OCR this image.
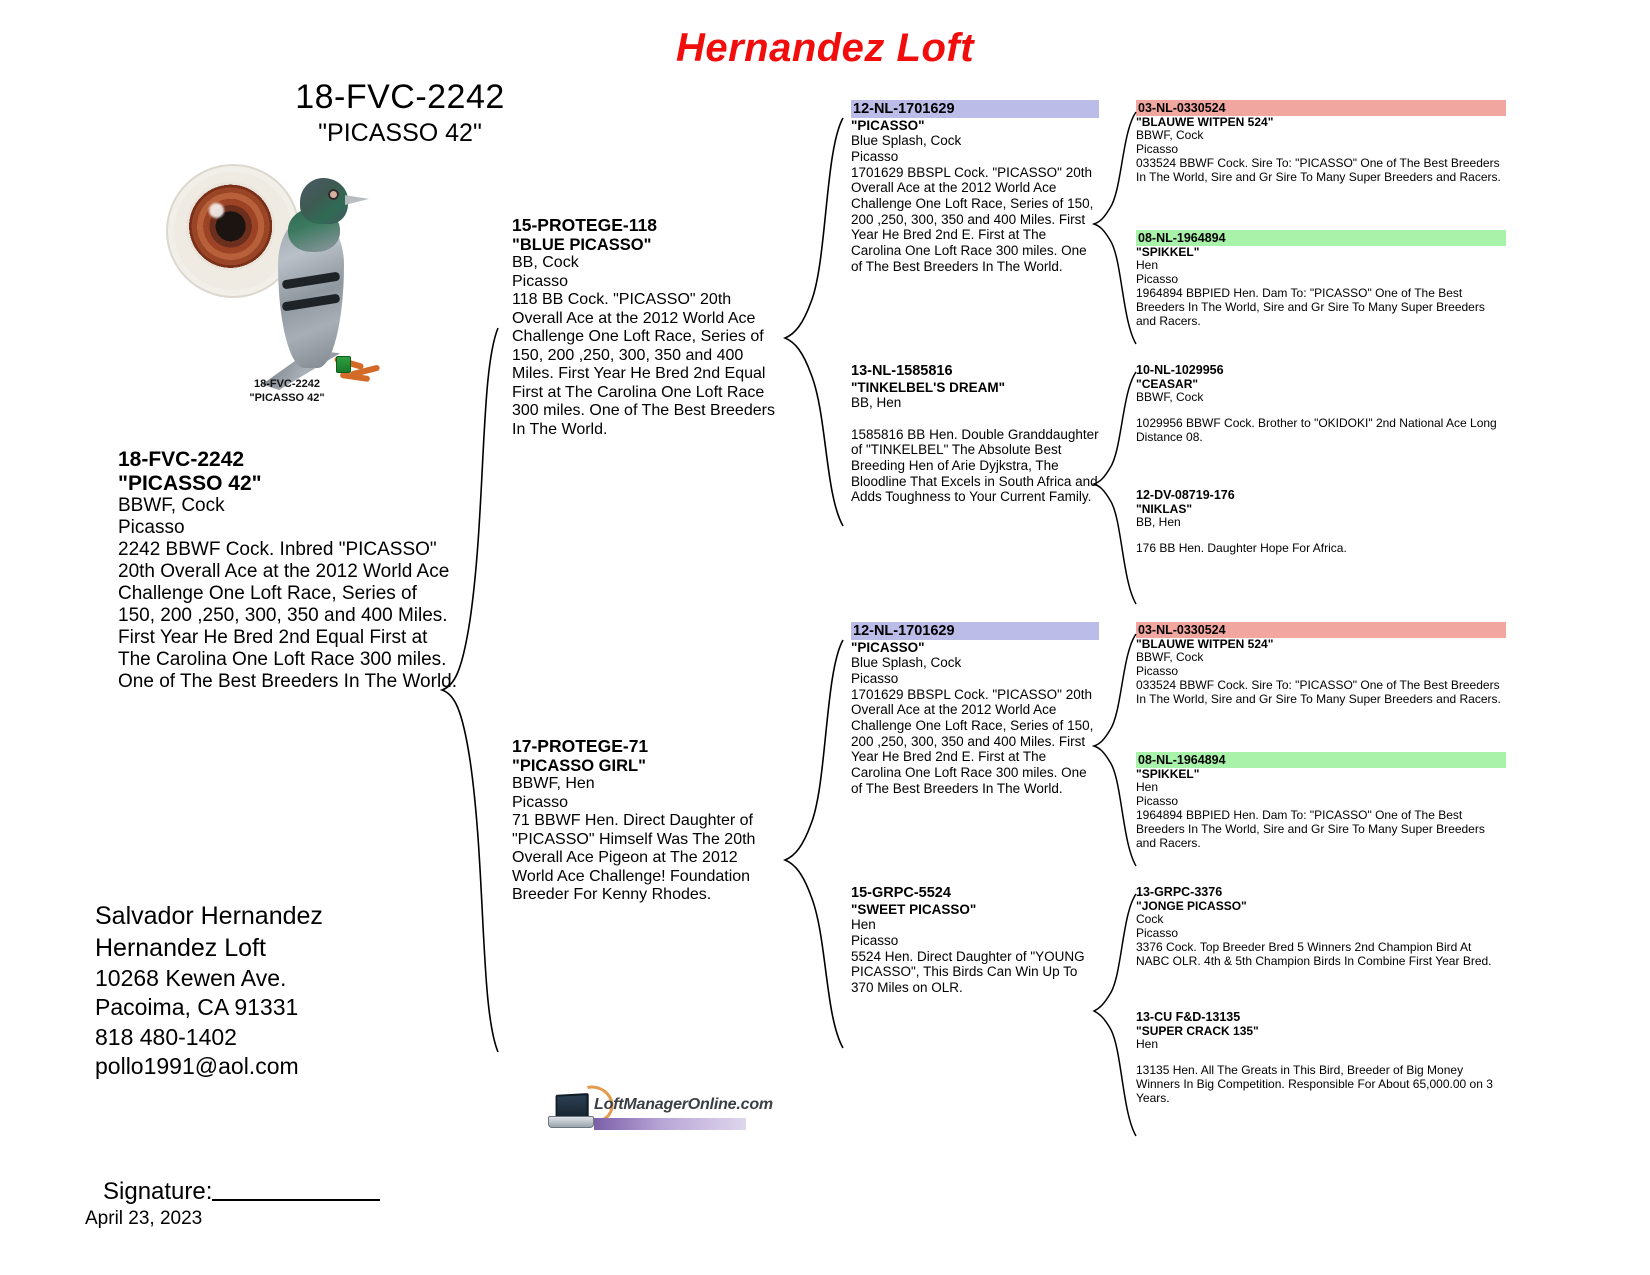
Hernandez Loft
18-FVC-2242
"PICASSO 42"
18-FVC-2242
"PICASSO 42"
18-FVC-2242
"PICASSO 42"
BBWF, Cock
Picasso
2242 BBWF Cock. Inbred "PICASSO" 20th Overall Ace at the 2012 World Ace Challenge One Loft Race, Series of 150, 200 ,250, 300, 350 and 400 Miles. First Year He Bred 2nd Equal First at The Carolina One Loft Race 300 miles. One of The Best Breeders In The World.
15-PROTEGE-118
"BLUE PICASSO"
BB, Cock
Picasso
118 BB Cock. "PICASSO" 20th Overall Ace at the 2012 World Ace Challenge One Loft Race, Series of 150, 200 ,250, 300, 350 and 400 Miles. First Year He Bred 2nd Equal First at The Carolina One Loft Race 300 miles. One of The Best Breeders In The World.
17-PROTEGE-71
"PICASSO GIRL"
BBWF, Hen
Picasso
71 BBWF Hen. Direct Daughter of "PICASSO" Himself Was The 20th Overall Ace Pigeon at The 2012 World Ace Challenge! Foundation Breeder For Kenny Rhodes.
12-NL-1701629
"PICASSO"
Blue Splash, Cock
Picasso
1701629 BBSPL Cock. "PICASSO" 20th Overall Ace at the 2012 World Ace Challenge One Loft Race, Series of 150, 200 ,250, 300, 350 and 400 Miles. First Year He Bred 2nd E. First at The Carolina One Loft Race 300 miles. One of The Best Breeders In The World.
13-NL-1585816
"TINKELBEL'S DREAM"
BB, Hen

1585816 BB Hen. Double Granddaughter of "TINKELBEL" The Absolute Best Breeding Hen of Arie Dyjkstra, The Bloodline That Excels in South Africa and Adds Toughness to Your Current Family.
12-NL-1701629
"PICASSO"
Blue Splash, Cock
Picasso
1701629 BBSPL Cock. "PICASSO" 20th Overall Ace at the 2012 World Ace Challenge One Loft Race, Series of 150, 200 ,250, 300, 350 and 400 Miles. First Year He Bred 2nd E. First at The Carolina One Loft Race 300 miles. One of The Best Breeders In The World.
15-GRPC-5524
"SWEET PICASSO"
Hen
Picasso
5524 Hen. Direct Daughter of "YOUNG PICASSO", This Birds Can Win Up To 370 Miles on OLR.
03-NL-0330524
"BLAUWE WITPEN 524"
BBWF, Cock
Picasso
033524 BBWF Cock. Sire To: "PICASSO" One of The Best Breeders In The World, Sire and Gr Sire To Many Super Breeders and Racers.
08-NL-1964894
"SPIKKEL"
Hen
Picasso
1964894 BBPIED Hen. Dam To: "PICASSO" One of The Best Breeders In The World, Sire and Gr Sire To Many Super Breeders and Racers.
10-NL-1029956
"CEASAR"
BBWF, Cock
1029956 BBWF Cock. Brother to "OKIDOKI" 2nd National Ace Long Distance 08.
12-DV-08719-176
"NIKLAS"
BB, Hen
176 BB Hen. Daughter Hope For Africa.
03-NL-0330524
"BLAUWE WITPEN 524"
BBWF, Cock
Picasso
033524 BBWF Cock. Sire To: "PICASSO" One of The Best Breeders In The World, Sire and Gr Sire To Many Super Breeders and Racers.
08-NL-1964894
"SPIKKEL"
Hen
Picasso
1964894 BBPIED Hen. Dam To: "PICASSO" One of The Best Breeders In The World, Sire and Gr Sire To Many Super Breeders and Racers.
13-GRPC-3376
"JONGE PICASSO"
Cock
Picasso
3376 Cock. Top Breeder Bred 5 Winners 2nd Champion Bird At NABC OLR. 4th & 5th Champion Birds In Combine First Year Bred.
13-CU F&D-13135
"SUPER CRACK 135"
Hen
13135 Hen. All The Greats in This Bird, Breeder of Big Money Winners In Big Competition. Responsible For About 65,000.00 on 3 Years.
Salvador Hernandez
Hernandez Loft
10268 Kewen Ave.
Pacoima, CA 91331
818 480-1402
pollo1991@aol.com
Signature:
April 23, 2023
LoftManagerOnline.com
